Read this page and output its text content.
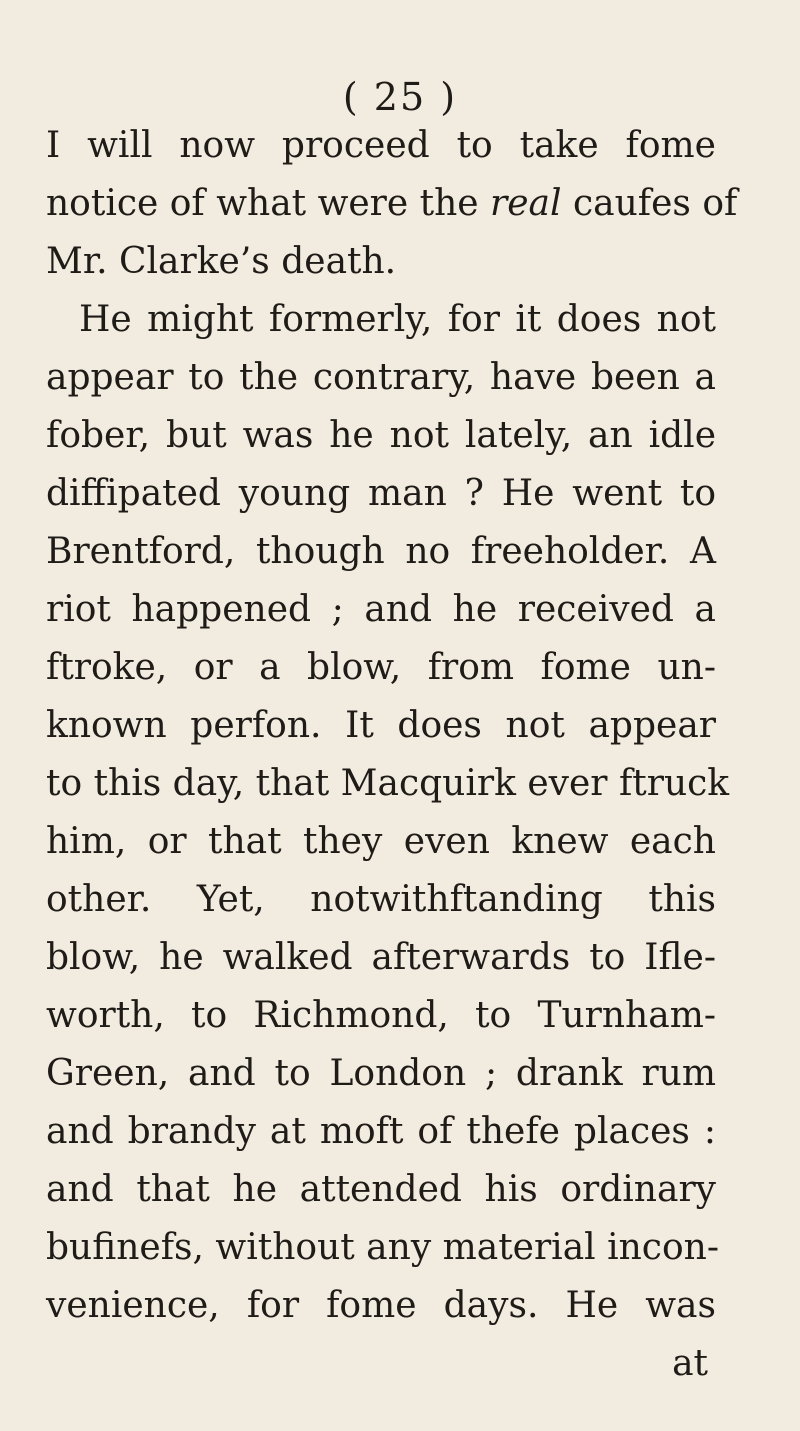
( 25 )
I will now proceed to take fome
notice of what were the real caufes of
Mr. Clarke’s death.
He might formerly, for it does not
appear to the contrary, have been a
fober, but was he not lately, an idle
diffipated young man ? He went to
Brentford, though no freeholder. A
riot happened ; and he received a
ftroke, or a blow, from fome un-
known perfon. It does not appear
to this day, that Macquirk ever ftruck
him, or that they even knew each
other. Yet, notwithftanding this
blow, he walked afterwards to Ifle-
worth, to Richmond, to Turnham-
Green, and to London ; drank rum
and brandy at moft of thefe places :
and that he attended his ordinary
bufinefs, without any material incon-
venience, for fome days. He was
at
